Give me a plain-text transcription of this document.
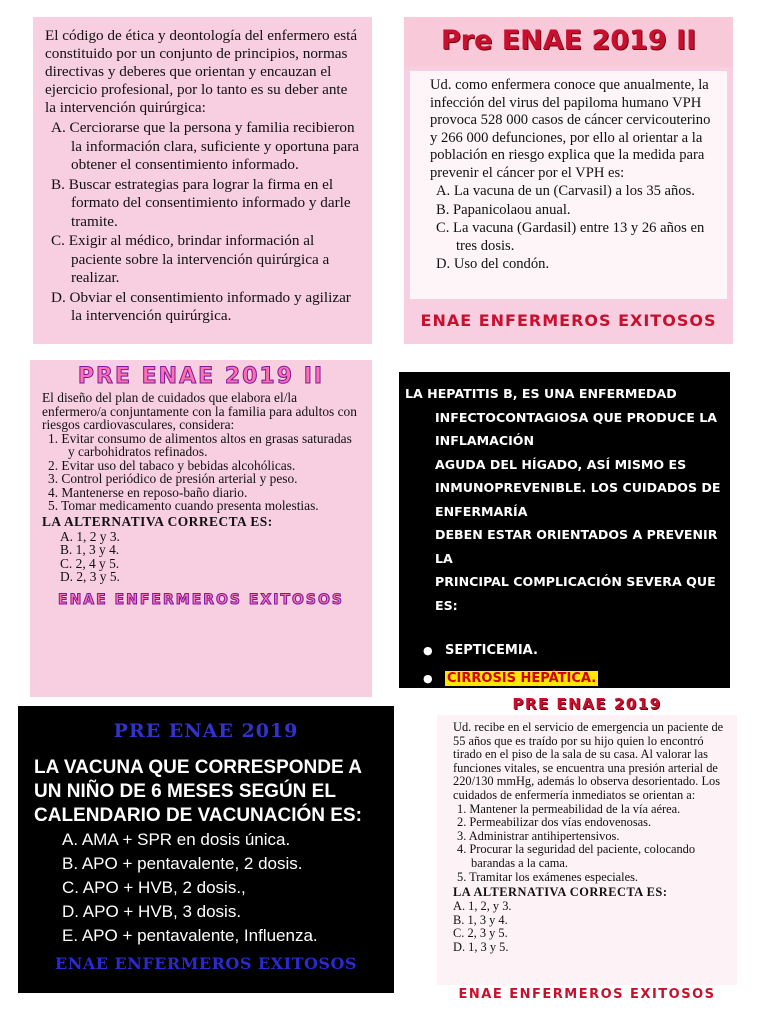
El código de ética y deontología del enfermero está constituido por un conjunto de principios, normas directivas y deberes que orientan y encauzan el ejercicio profesional, por lo tanto es su deber ante la intervención quirúrgica:

A. Cerciorarse que la persona y familia recibieron la información clara, suficiente y oportuna para obtener el consentimiento informado.

B. Buscar estrategias para lograr la firma en el formato del consentimiento informado y darle tramite.

C. Exigir al médico, brindar información al paciente sobre la intervención quirúrgica a realizar.

D. Obviar el consentimiento informado y agilizar la intervención quirúrgica.

Pre ENAE 2019 II

Ud. como enfermera conoce que anualmente, la infección del virus del papiloma humano VPH provoca 528 000 casos de cáncer cervicouterino y 266 000 defunciones, por ello al orientar a la población en riesgo explica que la medida para prevenir el cáncer por el VPH es:

A. La vacuna de un (Carvasil) a los 35 años.

B. Papanicolaou anual.

C. La vacuna (Gardasil) entre 13 y 26 años en tres dosis.

D. Uso del condón.

ENAE ENFERMEROS EXITOSOS
PRE ENAE 2019 II

El diseño del plan de cuidados que elabora el/la enfermero/a conjuntamente con la familia para adultos con riesgos cardiovasculares, considera:

1. Evitar consumo de alimentos altos en grasas saturadas y carbohidratos refinados.

2. Evitar uso del tabaco y bebidas alcohólicas.

3. Control periódico de presión arterial y peso.

4. Mantenerse en reposo-baño diario.

5. Tomar medicamento cuando presenta molestias.

LA ALTERNATIVA CORRECTA ES:

A. 1, 2 y 3.

B. 1, 3 y 4.

C. 2, 4 y 5.

D. 2, 3 y 5.

ENAE ENFERMEROS EXITOSOS
LA HEPATITIS B, ES UNA ENFERMEDAD
INFECTOCONTAGIOSA QUE PRODUCE LA INFLAMACIÓN
AGUDA DEL HÍGADO, ASÍ MISMO ES
INMUNOPREVENIBLE. LOS CUIDADOS DE ENFERMARÍA
DEBEN ESTAR ORIENTADOS A PREVENIR LA
PRINCIPAL COMPLICACIÓN SEVERA QUE ES:
● SEPTICEMIA.
● CIRROSIS HEPÁTICA.
PRE ENAE 2019

LA VACUNA QUE CORRESPONDE A UN NIÑO DE 6 MESES SEGÚN EL CALENDARIO DE VACUNACIÓN ES:

A. AMA + SPR en dosis única.

B. APO + pentavalente, 2 dosis.

C. APO + HVB, 2 dosis.,

D. APO + HVB, 3 dosis.

E. APO + pentavalente, Influenza.

ENAE ENFERMEROS EXITOSOS
PRE ENAE 2019

Ud. recibe en el servicio de emergencia un paciente de 55 años que es traído por su hijo quien lo encontró tirado en el piso de la sala de su casa. Al valorar las funciones vitales, se encuentra una presión arterial de 220/130 mmHg, además lo observa desorientado. Los cuidados de enfermería inmediatos se orientan a:

1. Mantener la permeabilidad de la vía aérea.

2. Permeabilizar dos vías endovenosas.

3. Administrar antihipertensivos.

4. Procurar la seguridad del paciente, colocando barandas a la cama.

5. Tramitar los exámenes especiales.

LA ALTERNATIVA CORRECTA ES:

A. 1, 2, y 3.

B. 1, 3 y 4.

C. 2, 3 y 5.

D. 1, 3 y 5.

ENAE ENFERMEROS EXITOSOS
